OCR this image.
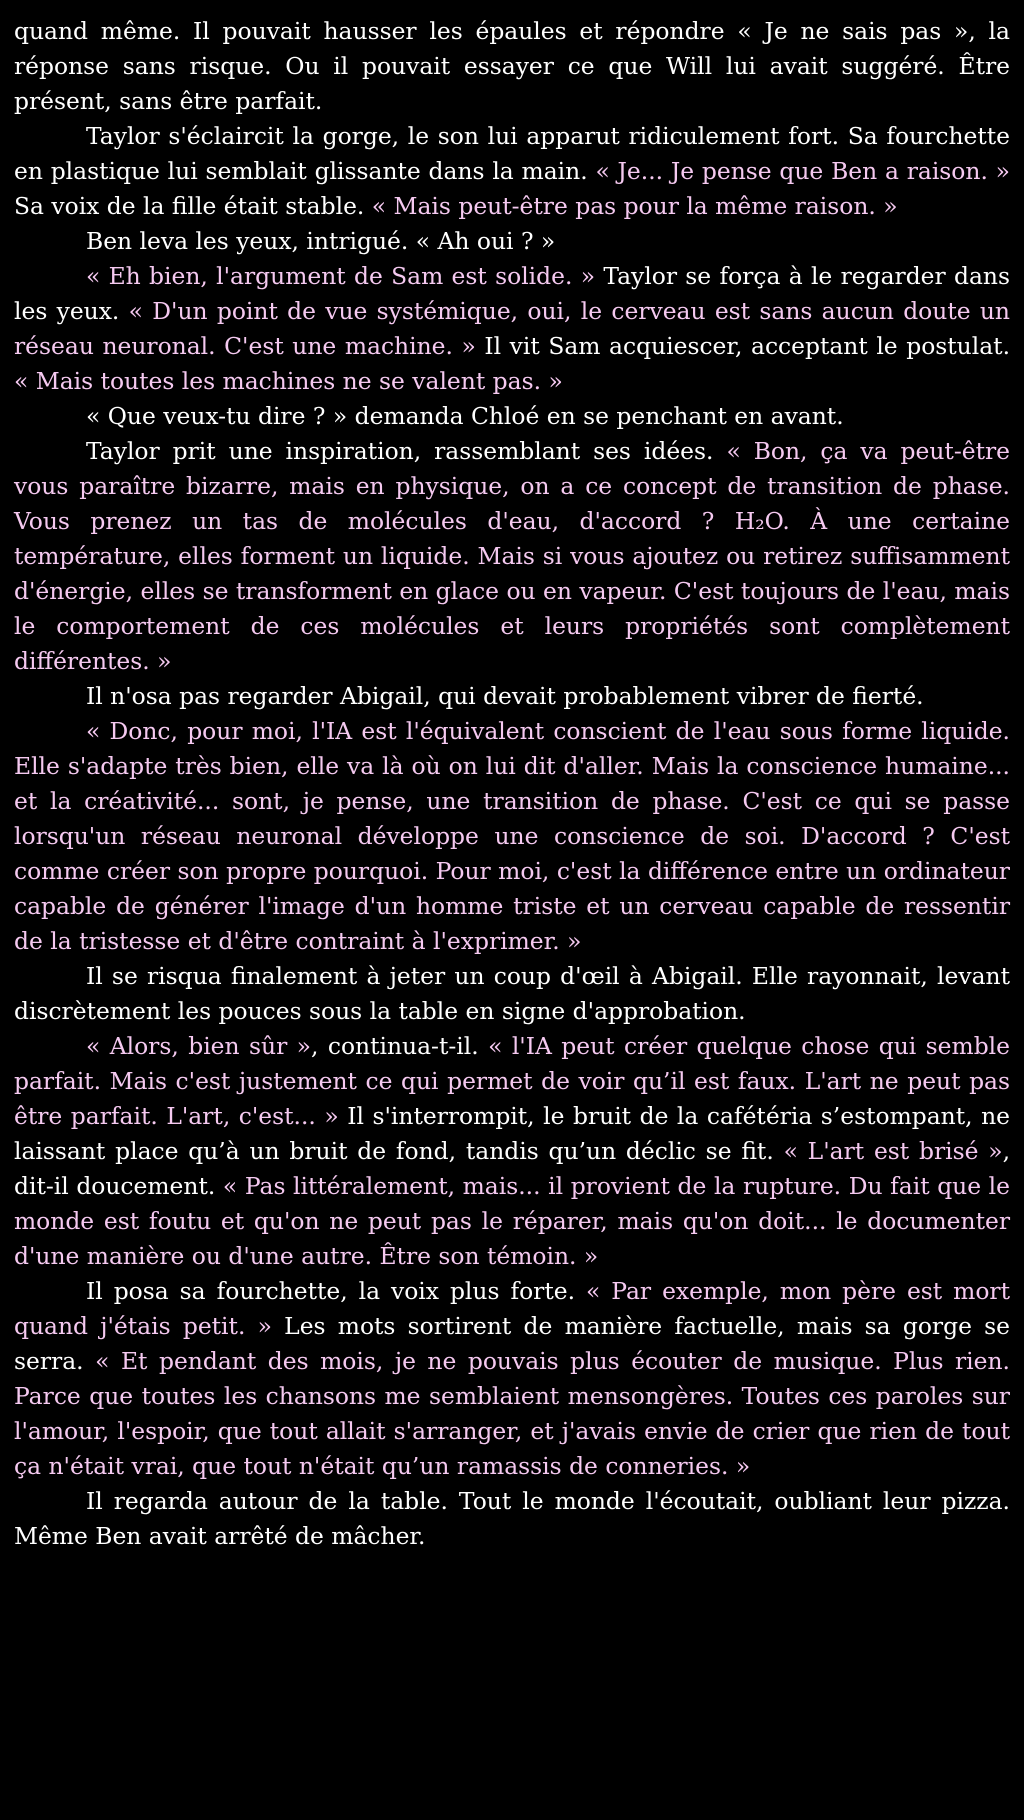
quand même. Il pouvait hausser les épaules et répondre « Je ne sais pas », la réponse sans risque. Ou il pouvait essayer ce que Will lui avait suggéré. Être présent, sans être parfait.

Taylor s'éclaircit la gorge, le son lui apparut ridiculement fort. Sa fourchette en plastique lui semblait glissante dans la main. « Je... Je pense que Ben a raison. » Sa voix de la fille était stable. « Mais peut-être pas pour la même raison. »

Ben leva les yeux, intrigué. « Ah oui ? »

« Eh bien, l'argument de Sam est solide. » Taylor se força à le regarder dans les yeux. « D'un point de vue systémique, oui, le cerveau est sans aucun doute un réseau neuronal. C'est une machine. » Il vit Sam acquiescer, acceptant le postulat. « Mais toutes les machines ne se valent pas. »

« Que veux-tu dire ? » demanda Chloé en se penchant en avant.

Taylor prit une inspiration, rassemblant ses idées. « Bon, ça va peut-être vous paraître bizarre, mais en physique, on a ce concept de transition de phase. Vous prenez un tas de molécules d'eau, d'accord ? H₂O. À une certaine température, elles forment un liquide. Mais si vous ajoutez ou retirez suffisamment d'énergie, elles se transforment en glace ou en vapeur. C'est toujours de l'eau, mais le comportement de ces molécules et leurs propriétés sont complètement différentes. »

Il n'osa pas regarder Abigail, qui devait probablement vibrer de fierté.

« Donc, pour moi, l'IA est l'équivalent conscient de l'eau sous forme liquide. Elle s'adapte très bien, elle va là où on lui dit d'aller. Mais la conscience humaine... et la créativité... sont, je pense, une transition de phase. C'est ce qui se passe lorsqu'un réseau neuronal développe une conscience de soi. D'accord ? C'est comme créer son propre pourquoi. Pour moi, c'est la différence entre un ordinateur capable de générer l'image d'un homme triste et un cerveau capable de ressentir de la tristesse et d'être contraint à l'exprimer. »

Il se risqua finalement à jeter un coup d'œil à Abigail. Elle rayonnait, levant discrètement les pouces sous la table en signe d'approbation.

« Alors, bien sûr », continua-t-il. « l'IA peut créer quelque chose qui semble parfait. Mais c'est justement ce qui permet de voir qu’il est faux. L'art ne peut pas être parfait. L'art, c'est... » Il s'interrompit, le bruit de la cafétéria s’estompant, ne laissant place qu’à un bruit de fond, tandis qu’un déclic se fit. « L'art est brisé », dit-il doucement. « Pas littéralement, mais... il provient de la rupture. Du fait que le monde est foutu et qu'on ne peut pas le réparer, mais qu'on doit... le documenter d'une manière ou d'une autre. Être son témoin. »

Il posa sa fourchette, la voix plus forte. « Par exemple, mon père est mort quand j'étais petit. » Les mots sortirent de manière factuelle, mais sa gorge se serra. « Et pendant des mois, je ne pouvais plus écouter de musique. Plus rien. Parce que toutes les chansons me semblaient mensongères. Toutes ces paroles sur l'amour, l'espoir, que tout allait s'arranger, et j'avais envie de crier que rien de tout ça n'était vrai, que tout n'était qu’un ramassis de conneries. »

Il regarda autour de la table. Tout le monde l'écoutait, oubliant leur pizza. Même Ben avait arrêté de mâcher.
